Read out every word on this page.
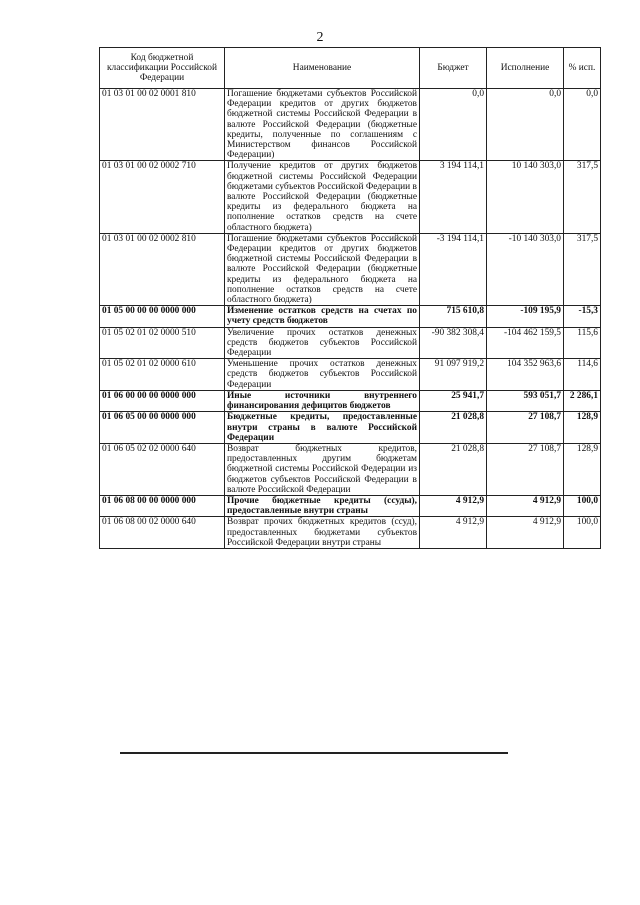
2
Код бюджетной классификации Российской Федерации	Наименование	Бюджет	Исполнение	% исп.
01 03 01 00 02 0001 810	Погашение бюджетами субъектов Российской Федерации кредитов от других бюджетов бюджетной системы Российской Федерации в валюте Российской Федерации (бюджетные кредиты, полученные по соглашениям с Министерством финансов Российской Федерации)	0,0	0,0	0,0
01 03 01 00 02 0002 710	Получение кредитов от других бюджетов бюджетной системы Российской Федерации бюджетами субъектов Российской Федерации в валюте Российской Федерации (бюджетные кредиты из федерального бюджета на пополнение остатков средств на счете областного бюджета)	3 194 114,1	10 140 303,0	317,5
01 03 01 00 02 0002 810	Погашение бюджетами субъектов Российской Федерации кредитов от других бюджетов бюджетной системы Российской Федерации в валюте Российской Федерации (бюджетные кредиты из федерального бюджета на пополнение остатков средств на счете областного бюджета)	-3 194 114,1	-10 140 303,0	317,5
01 05 00 00 00 0000 000	Изменение остатков средств на счетах по учету средств бюджетов	715 610,8	-109 195,9	-15,3
01 05 02 01 02 0000 510	Увеличение прочих остатков денежных средств бюджетов субъектов Российской Федерации	-90 382 308,4	-104 462 159,5	115,6
01 05 02 01 02 0000 610	Уменьшение прочих остатков денежных средств бюджетов субъектов Российской Федерации	91 097 919,2	104 352 963,6	114,6
01 06 00 00 00 0000 000	Иные источники внутреннего финансирования дефицитов бюджетов	25 941,7	593 051,7	2 286,1
01 06 05 00 00 0000 000	Бюджетные кредиты, предоставленные внутри страны в валюте Российской Федерации	21 028,8	27 108,7	128,9
01 06 05 02 02 0000 640	Возврат бюджетных кредитов, предоставленных другим бюджетам бюджетной системы Российской Федерации из бюджетов субъектов Российской Федерации в валюте Российской Федерации	21 028,8	27 108,7	128,9
01 06 08 00 00 0000 000	Прочие бюджетные кредиты (ссуды), предоставленные внутри страны	4 912,9	4 912,9	100,0
01 06 08 00 02 0000 640	Возврат прочих бюджетных кредитов (ссуд), предоставленных бюджетами субъектов Российской Федерации внутри страны	4 912,9	4 912,9	100,0
